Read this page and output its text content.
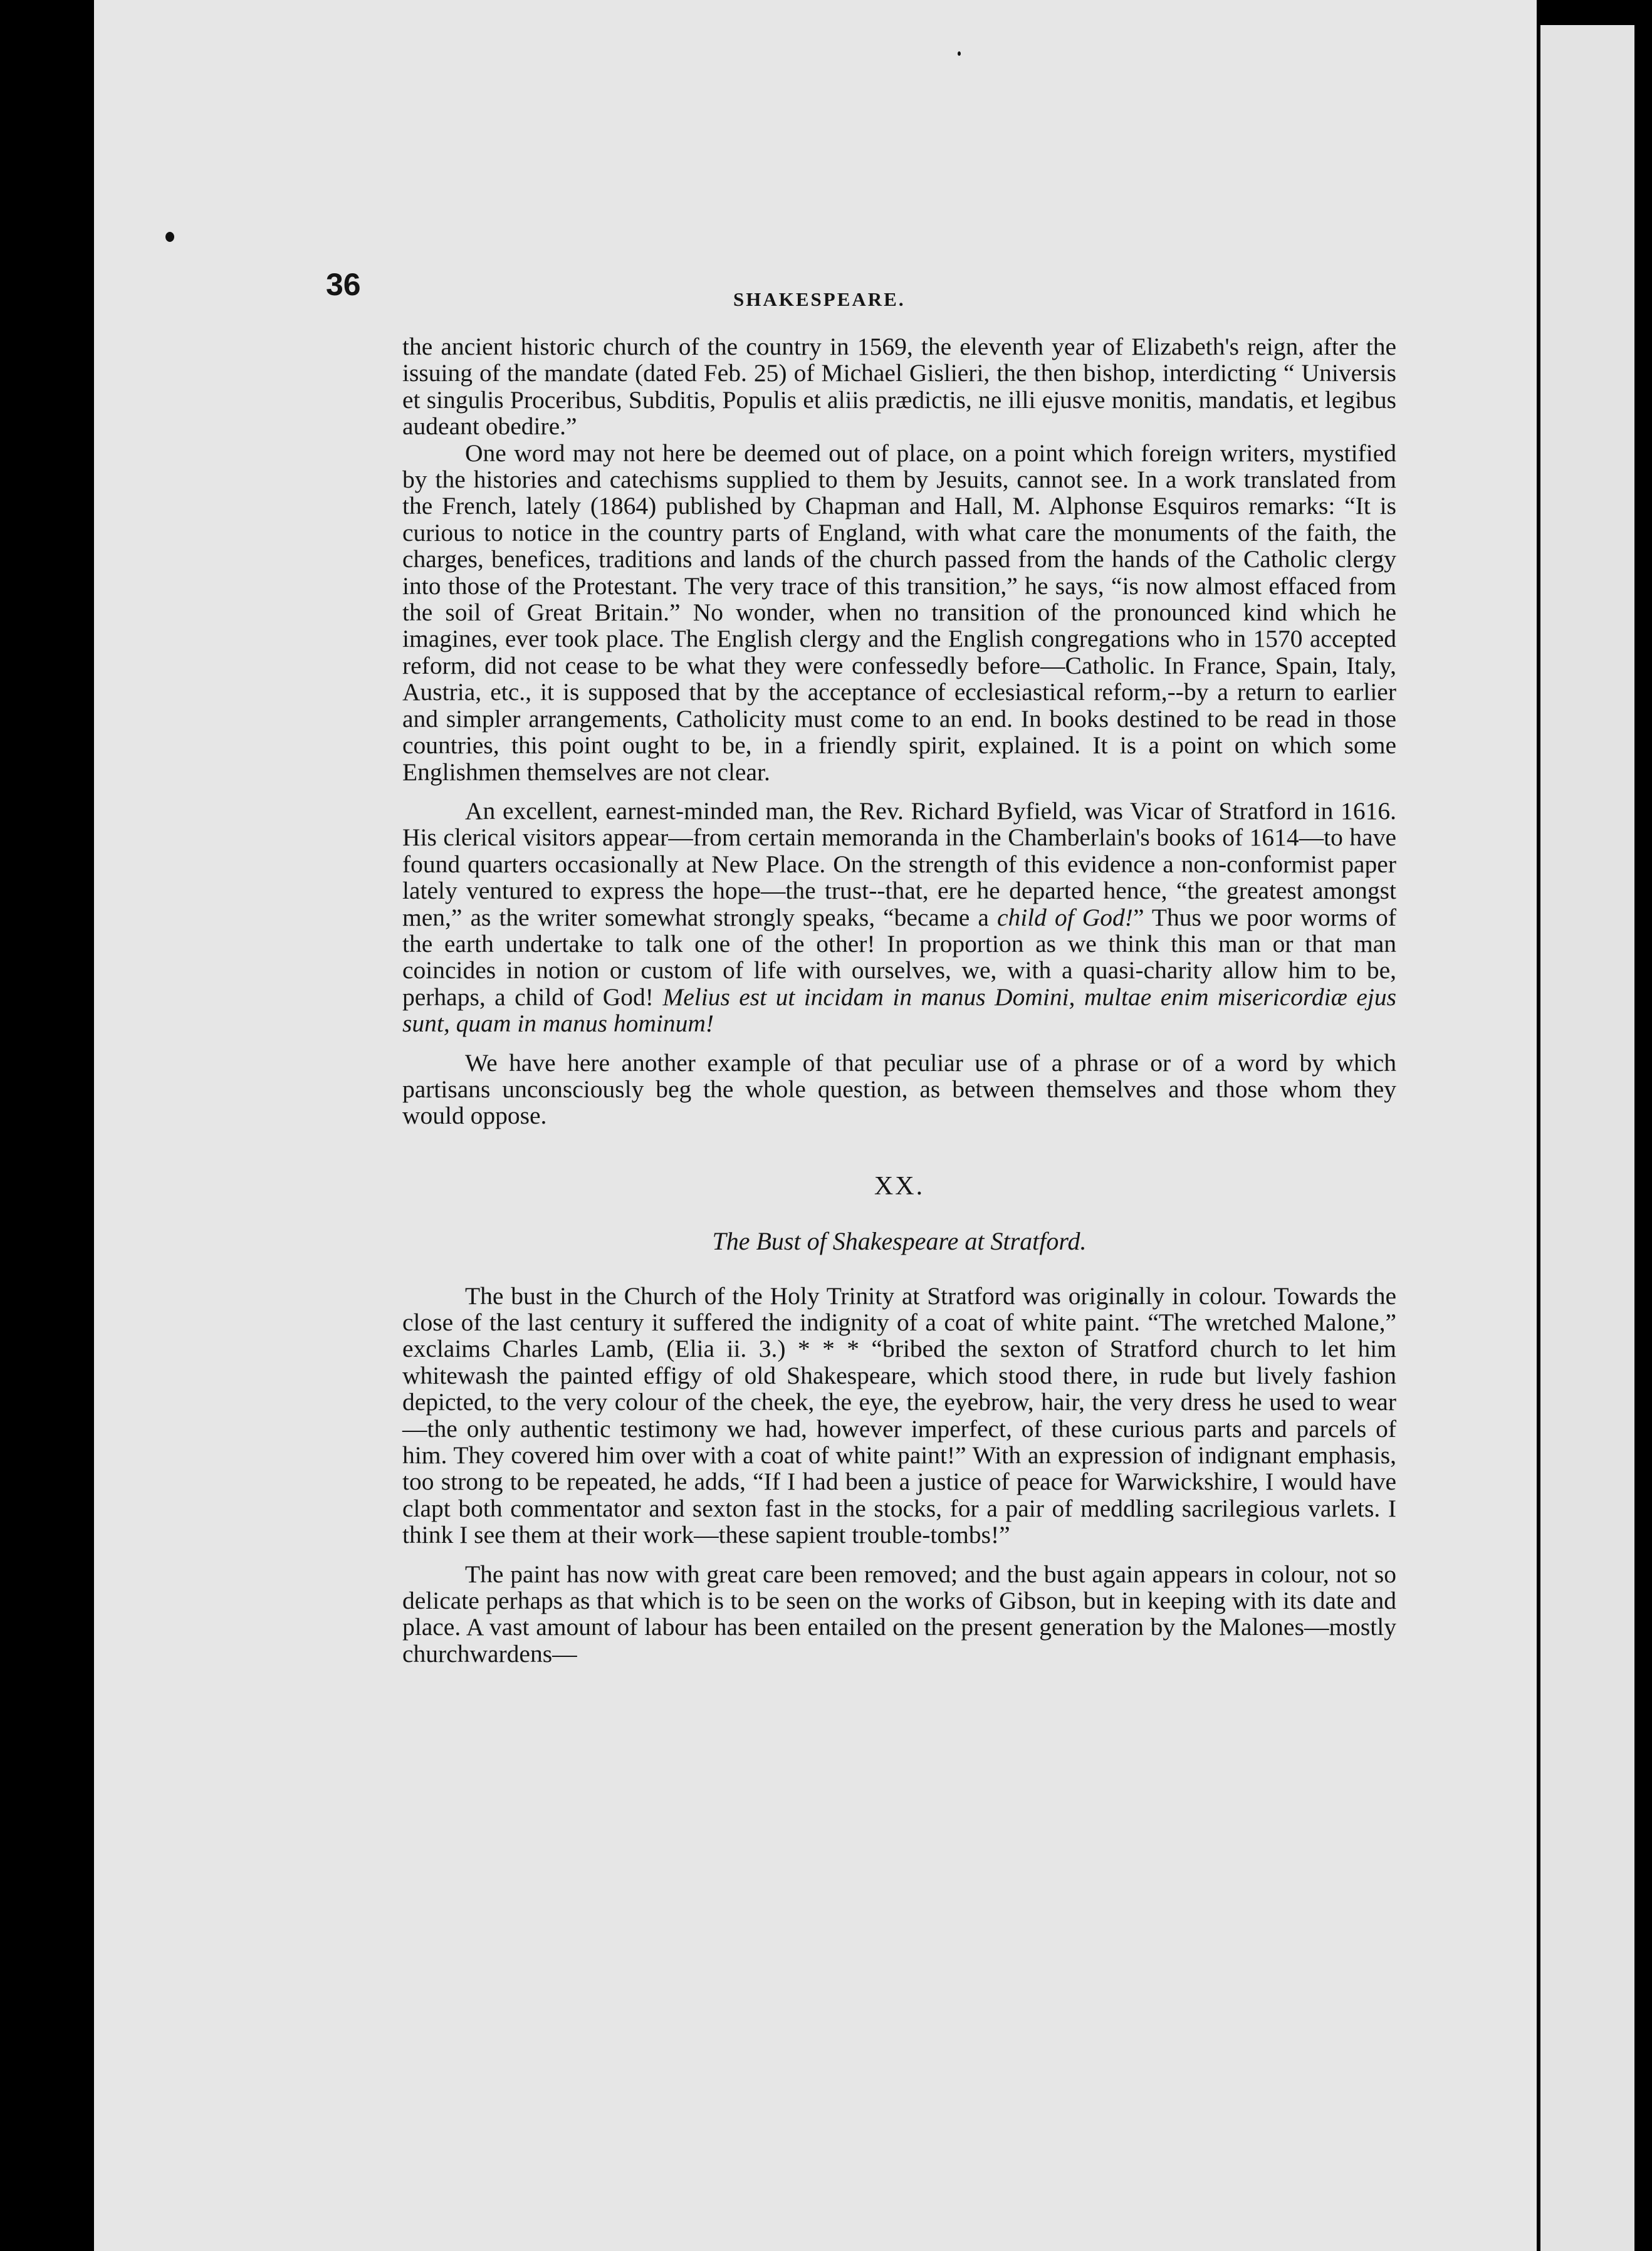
36	SHAKESPEARE.

the ancient historic church of the country in 1569, the eleventh year of Elizabeth's reign, after the issuing of the mandate (dated Feb. 25) of Michael Gislieri, the then bishop, interdicting “ Universis et singulis Proceribus, Subditis, Populis et aliis prædictis, ne illi ejusve monitis, mandatis, et legibus audeant obedire.”

One word may not here be deemed out of place, on a point which foreign writers, mystified by the histories and catechisms supplied to them by Jesuits, cannot see. In a work translated from the French, lately (1864) published by Chapman and Hall, M. Alphonse Esquiros remarks: “It is curious to notice in the country parts of England, with what care the monuments of the faith, the charges, benefices, traditions and lands of the church passed from the hands of the Catholic clergy into those of the Protestant. The very trace of this transition,” he says, “is now almost effaced from the soil of Great Britain.” No wonder, when no transition of the pronounced kind which he imagines, ever took place. The English clergy and the English congregations who in 1570 accepted reform, did not cease to be what they were confessedly before—Catholic. In France, Spain, Italy, Austria, etc., it is supposed that by the acceptance of ecclesiastical reform,--by a return to earlier and simpler arrangements, Catholicity must come to an end. In books destined to be read in those countries, this point ought to be, in a friendly spirit, explained. It is a point on which some Englishmen themselves are not clear.

An excellent, earnest-minded man, the Rev. Richard Byfield, was Vicar of Stratford in 1616. His clerical visitors appear—from certain memoranda in the Chamberlain's books of 1614—to have found quarters occasionally at New Place. On the strength of this evidence a non-conformist paper lately ventured to express the hope—the trust--that, ere he departed hence, “the greatest amongst men,” as the writer somewhat strongly speaks, “became a child of God!” Thus we poor worms of the earth undertake to talk one of the other! In proportion as we think this man or that man coincides in notion or custom of life with ourselves, we, with a quasi-charity allow him to be, perhaps, a child of God! Melius est ut incidam in manus Domini, multae enim misericordiæ ejus sunt, quam in manus hominum!

We have here another example of that peculiar use of a phrase or of a word by which partisans unconsciously beg the whole question, as between themselves and those whom they would oppose.

XX.
The Bust of Shakespeare at Stratford.

The bust in the Church of the Holy Trinity at Stratford was originally in colour. Towards the close of the last century it suffered the indignity of a coat of white paint. “The wretched Malone,” exclaims Charles Lamb, (Elia ii. 3.) * * * “bribed the sexton of Stratford church to let him whitewash the painted effigy of old Shakespeare, which stood there, in rude but lively fashion depicted, to the very colour of the cheek, the eye, the eyebrow, hair, the very dress he used to wear—the only authentic testimony we had, however imperfect, of these curious parts and parcels of him. They covered him over with a coat of white paint!” With an expression of indignant emphasis, too strong to be repeated, he adds, “If I had been a justice of peace for Warwickshire, I would have clapt both commentator and sexton fast in the stocks, for a pair of meddling sacrilegious varlets. I think I see them at their work—these sapient trouble-tombs!”

The paint has now with great care been removed; and the bust again appears in colour, not so delicate perhaps as that which is to be seen on the works of Gibson, but in keeping with its date and place. A vast amount of labour has been entailed on the present generation by the Malones—mostly churchwardens—
